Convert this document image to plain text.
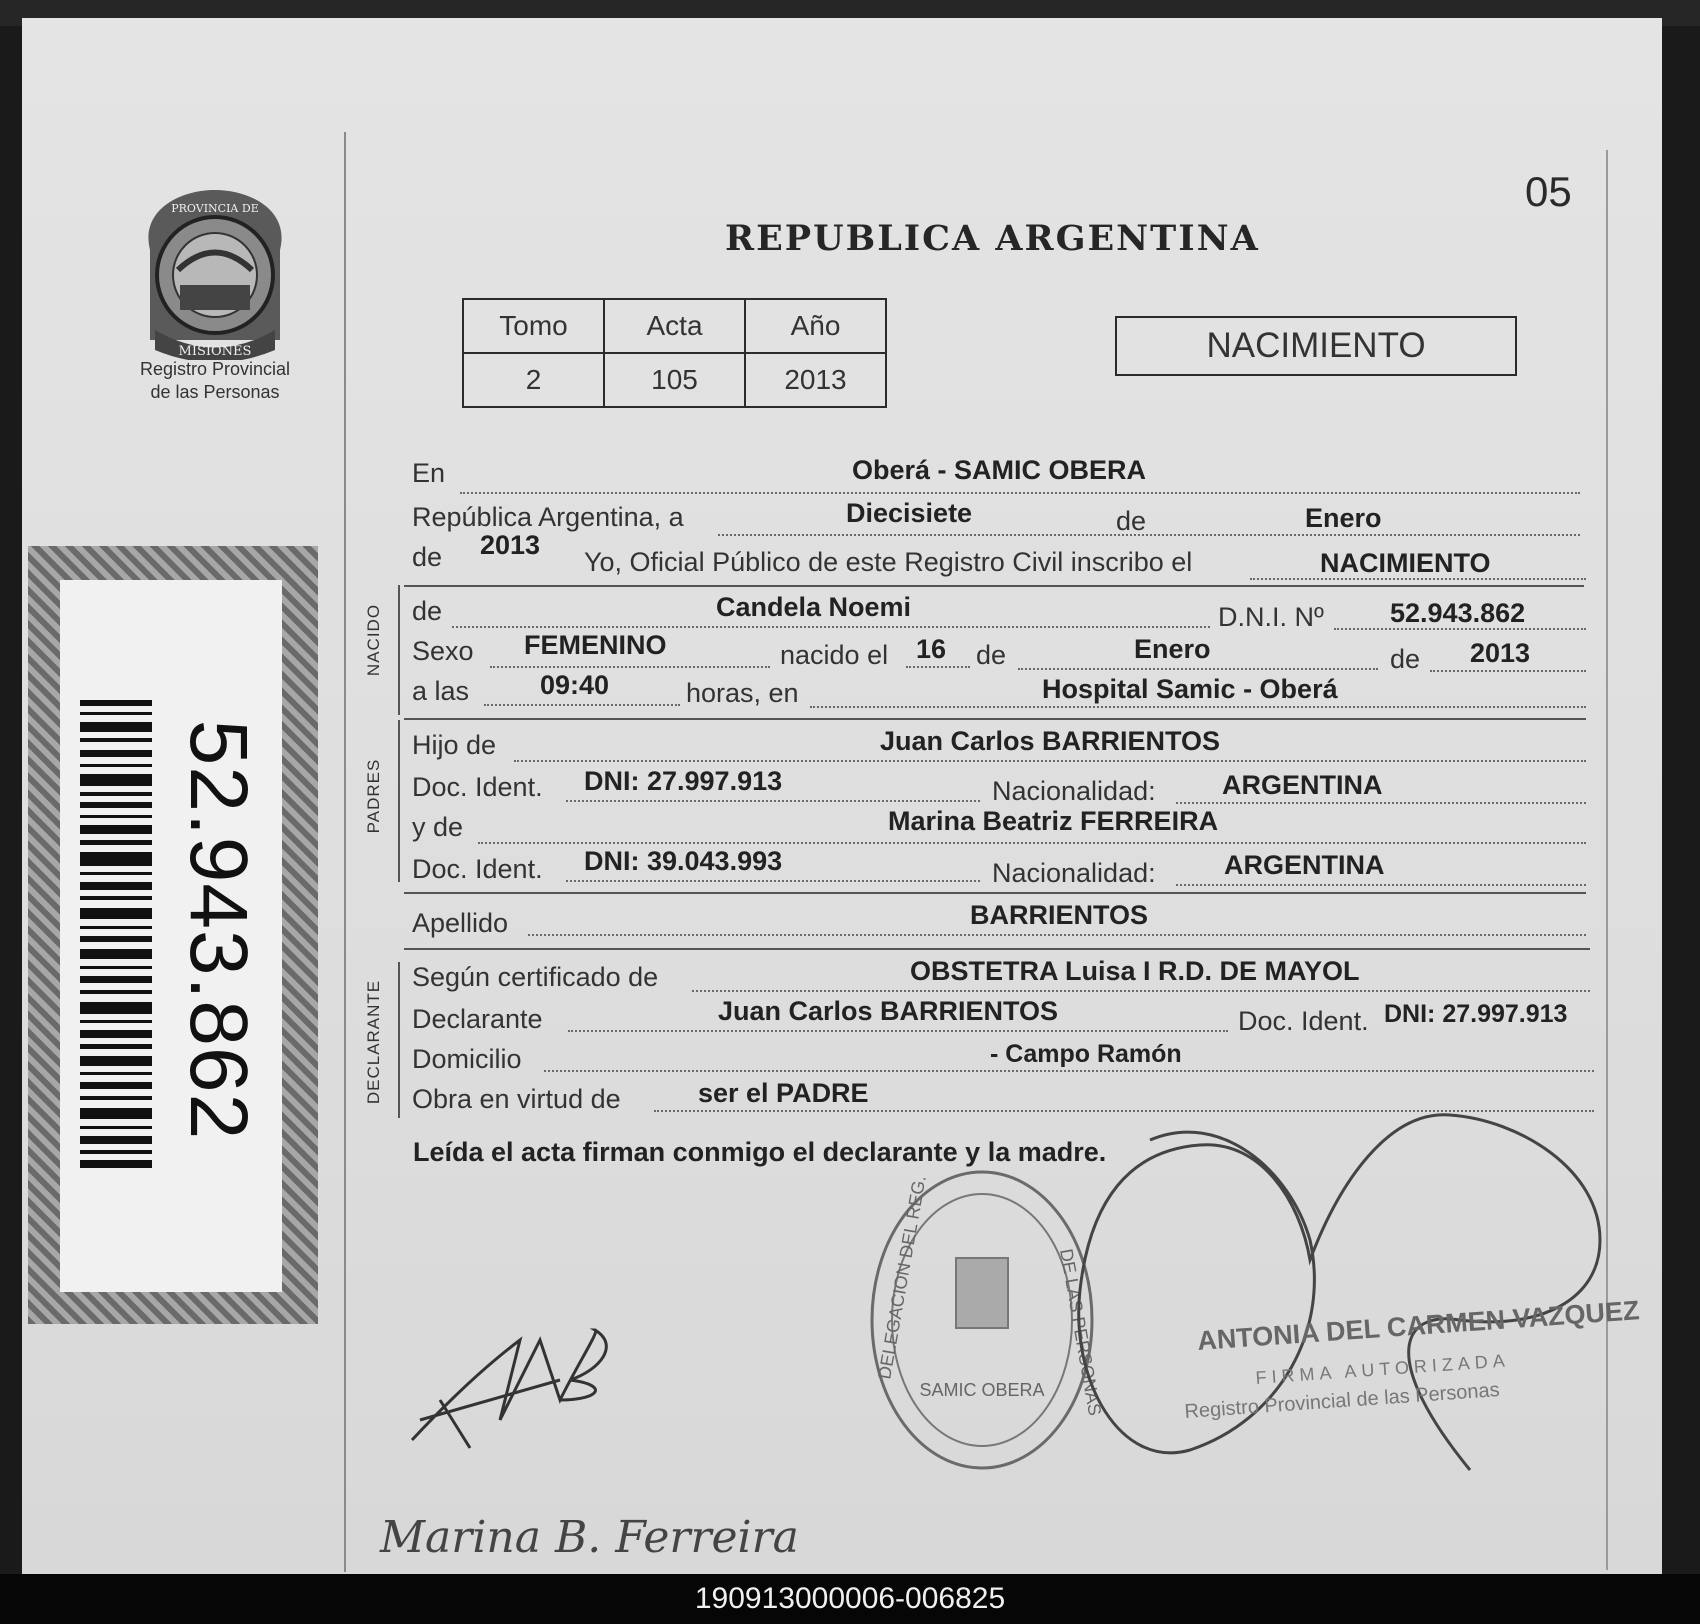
PROVINCIA DE
MISIONES
Registro Provincial
de las Personas
52.943.862
05
REPUBLICA ARGENTINA
Tomo	Acta	Año
2	105	2013
NACIMIENTO
En	Oberá - SAMIC OBERA
República Argentina, a	Diecisiete	de	Enero
de 2013
Yo, Oficial Público de este Registro Civil inscribo el	NACIMIENTO
NACIDO de	Candela Noemi	D.N.I. Nº 52.943.862
Sexo FEMENINO	nacido el 16 de	Enero	de 2013
a las	09:40	horas, en	Hospital Samic - Oberá
PADRES
Hijo de	Juan Carlos BARRIENTOS
Doc. Ident. DNI: 27.997.913	Nacionalidad: ARGENTINA
y de	Marina Beatriz FERREIRA
Doc. Ident. DNI: 39.043.993	Nacionalidad:	ARGENTINA
Apellido	BARRIENTOS
DECLARANTE
Según certificado de	OBSTETRA Luisa I R.D. DE MAYOL
Declarante	Juan Carlos BARRIENTOS	Doc. Ident. DNI: 27.997.913
Domicilio	- Campo Ramón
Obra en virtud de	ser el PADRE
Leída el acta firman conmigo el declarante y la madre.
DELEGACION DEL REG.	DE LAS PERSONAS
SAMIC OBERA
ANTONIA DEL CARMEN VAZQUEZ
FIRMA AUTORIZADA
Registro Provincial de las Personas
Marina B. Ferreira
190913000006-006825
